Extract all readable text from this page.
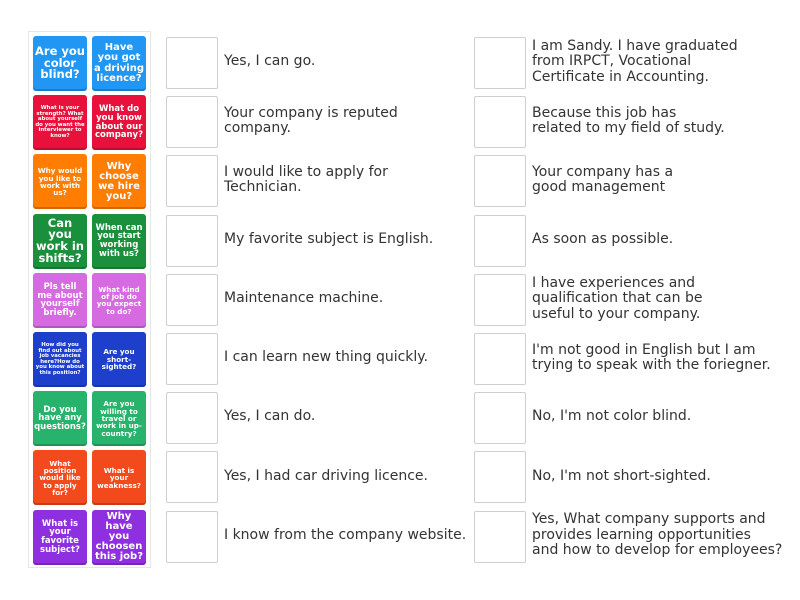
Are you color blind?
Have you got a driving licence?
What is your strength? What about yourself do you want the interviewer to know?
What do you know about our company?
Why would you like to work with us?
Why choose we hire you?
Can you work in shifts?
When can you start working with us?
Pls tell me about yourself briefly.
What kind of job do you expect to do?
How did you find out about job vacancies here?How do you know about this position?
Are you short-sighted?
Do you have any questions?
Are you willing to travel or work in up-country?
What position would like to apply for?
What is your weakness?
What is your favorite subject?
Why have you choosen this job?
Yes, I can go.
Your company is reputed company.
I would like to apply for Technician.
My favorite subject is English.
Maintenance machine.
I can learn new thing quickly.
Yes, I can do.
Yes, I had car driving licence.
I know from the company website.
I am Sandy. I have graduated
from IRPCT, Vocational
Certificate in Accounting.
Because this job has
related to my field of study.
Your company has a
good management
As soon as possible.
I have experiences and
qualification that can be
useful to your company.
I'm not good in English but I am
trying to speak with the foriegner.
No, I'm not color blind.
No, I'm not short-sighted.
Yes, What company supports and
provides learning opportunities
and how to develop for employees?
